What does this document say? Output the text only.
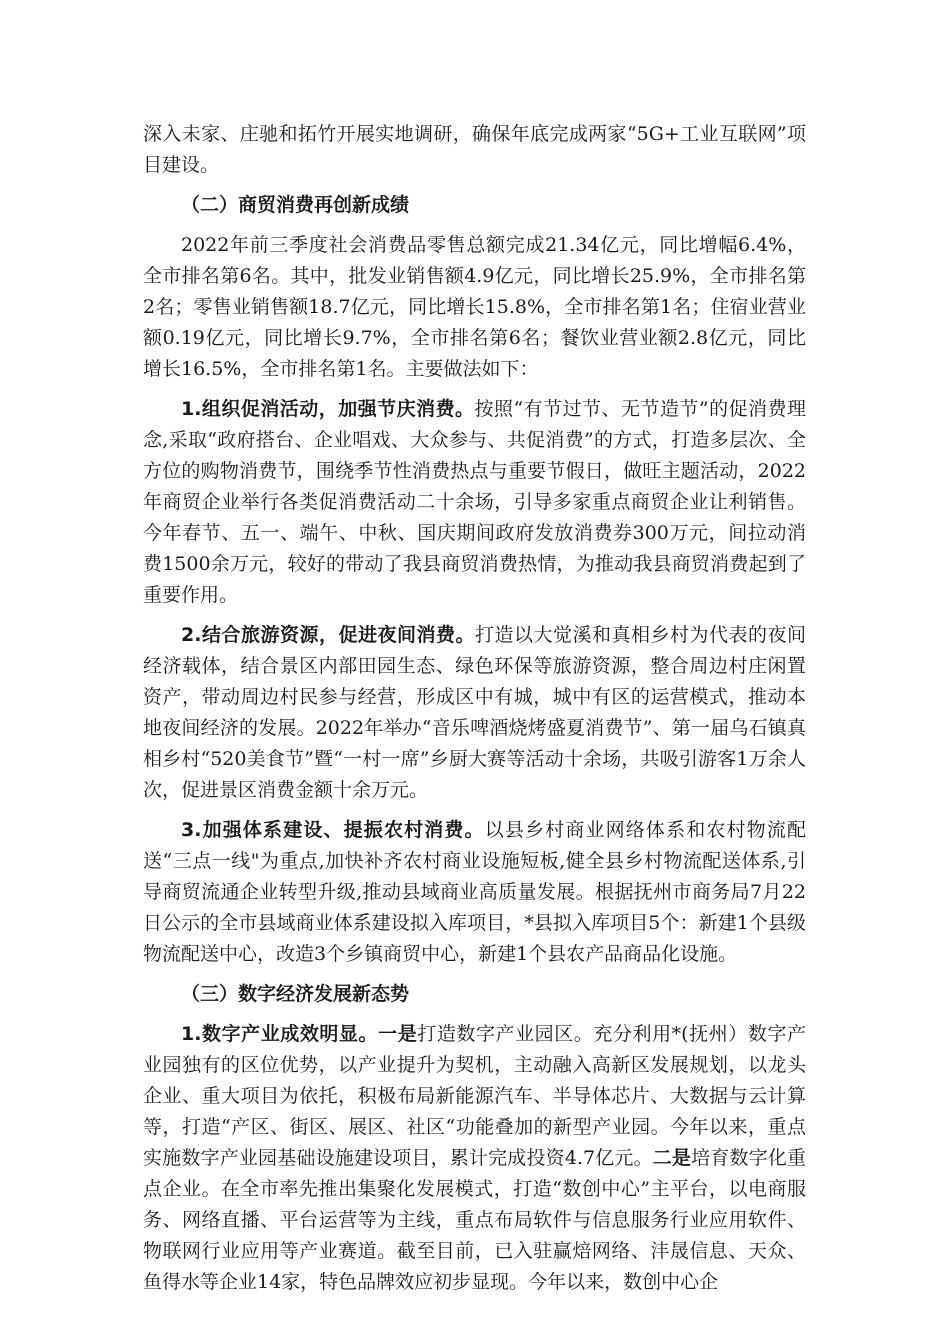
深入未家、庄驰和拓竹开展实地调研，确保年底完成两家“5G+工业互联网”项目建设。

（二）商贸消费再创新成绩

2022年前三季度社会消费品零售总额完成21.34亿元，同比增幅6.4%，全市排名第6名。其中，批发业销售额4.9亿元，同比增长25.9%，全市排名第2名；零售业销售额18.7亿元，同比增长15.8%，全市排名第1名；住宿业营业额0.19亿元，同比增长9.7%，全市排名第6名；餐饮业营业额2.8亿元，同比增长16.5%，全市排名第1名。主要做法如下：

1.组织促消活动，加强节庆消费。按照“有节过节、无节造节”的促消费理念,采取“政府搭台、企业唱戏、大众参与、共促消费”的方式，打造多层次、全方位的购物消费节，围绕季节性消费热点与重要节假日，做旺主题活动，2022年商贸企业举行各类促消费活动二十余场，引导多家重点商贸企业让利销售。今年春节、五一、端午、中秋、国庆期间政府发放消费券300万元，间拉动消费1500余万元，较好的带动了我县商贸消费热情，为推动我县商贸消费起到了重要作用。

2.结合旅游资源，促进夜间消费。打造以大觉溪和真相乡村为代表的夜间经济载体，结合景区内部田园生态、绿色环保等旅游资源，整合周边村庄闲置资产，带动周边村民参与经营，形成区中有城，城中有区的运营模式，推动本地夜间经济的发展。2022年举办“音乐啤酒烧烤盛夏消费节”、第一届乌石镇真相乡村“520美食节”暨“一村一席”乡厨大赛等活动十余场，共吸引游客1万余人次，促进景区消费金额十余万元。

3.加强体系建设、提振农村消费。以县乡村商业网络体系和农村物流配送“三点一线"为重点,加快补齐农村商业设施短板,健全县乡村物流配送体系,引导商贸流通企业转型升级,推动县域商业高质量发展。根据抚州市商务局7月22日公示的全市县域商业体系建设拟入库项目，*县拟入库项目5个：新建1个县级物流配送中心，改造3个乡镇商贸中心，新建1个县农产品商品化设施。

（三）数字经济发展新态势

1.数字产业成效明显。一是打造数字产业园区。充分利用*(抚州）数字产业园独有的区位优势，以产业提升为契机，主动融入高新区发展规划，以龙头企业、重大项目为依托，积极布局新能源汽车、半导体芯片、大数据与云计算等，打造“产区、街区、展区、社区“功能叠加的新型产业园。今年以来，重点实施数字产业园基础设施建设项目，累计完成投资4.7亿元。二是培育数字化重点企业。在全市率先推出集聚化发展模式，打造“数创中心”主平台，以电商服务、网络直播、平台运营等为主线，重点布局软件与信息服务行业应用软件、物联网行业应用等产业赛道。截至目前，已入驻赢焙网络、沣晟信息、天众、鱼得水等企业14家，特色品牌效应初步显现。今年以来，数创中心企
